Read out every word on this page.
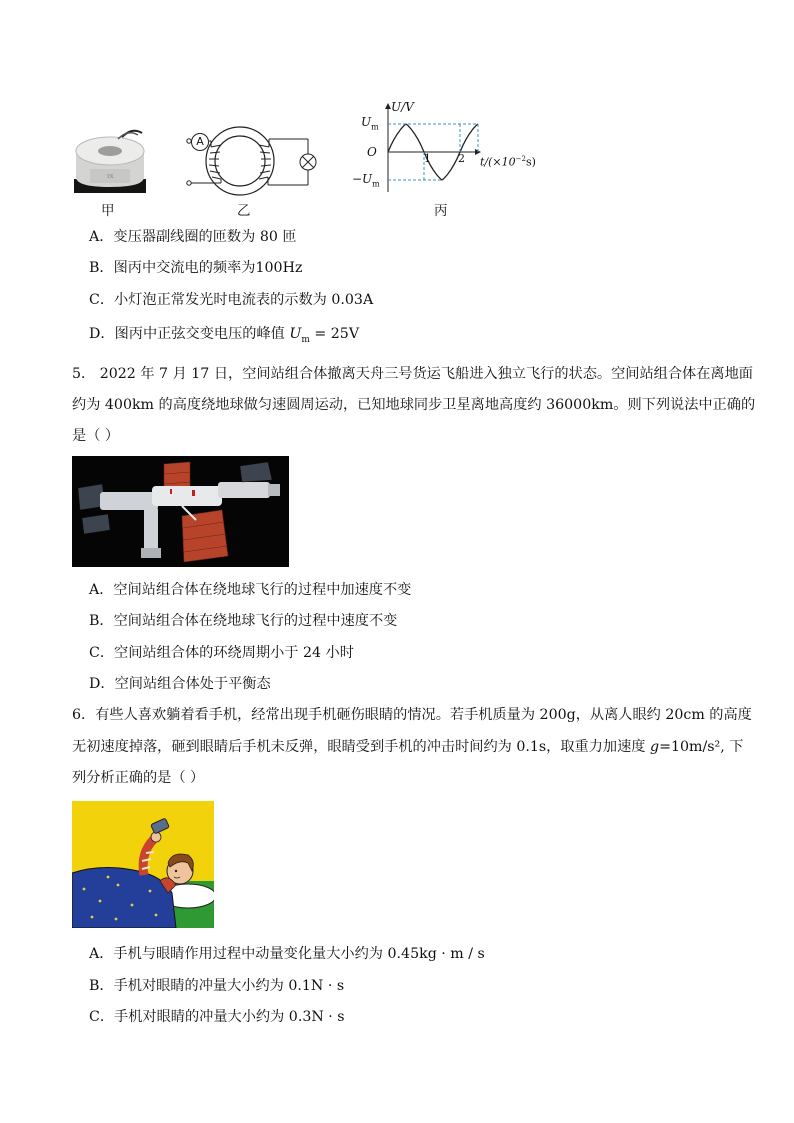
TX
甲
A
乙
U/V
$U_m$
O
$-U_m$
1 2 $t/(\times 10^{-2}s)$
丙
A．变压器副线圈的匝数为 80 匝
B．图丙中交流电的频率为100Hz
C．小灯泡正常发光时电流表的示数为 0.03A
D．图丙中正弦交变电压的峰值 $U_m = 25V$
5． 2022 年 7 月 17 日，空间站组合体撤离天舟三号货运飞船进入独立飞行的状态。空间站组合体在离地面
约为 400km 的高度绕地球做匀速圆周运动，已知地球同步卫星离地高度约 36000km。则下列说法中正确的
是（ ）
A．空间站组合体在绕地球飞行的过程中加速度不变
B．空间站组合体在绕地球飞行的过程中速度不变
C．空间站组合体的环绕周期小于 24 小时
D．空间站组合体处于平衡态
6．有些人喜欢躺着看手机，经常出现手机砸伤眼睛的情况。若手机质量为 200g，从离人眼约 20cm 的高度
无初速度掉落，砸到眼睛后手机未反弹，眼睛受到手机的冲击时间约为 0.1s，取重力加速度 g=10m/s², 下
列分析正确的是（ ）
A．手机与眼睛作用过程中动量变化量大小约为 0.45kg · m / s
B．手机对眼睛的冲量大小约为 0.1N · s
C．手机对眼睛的冲量大小约为 0.3N · s
